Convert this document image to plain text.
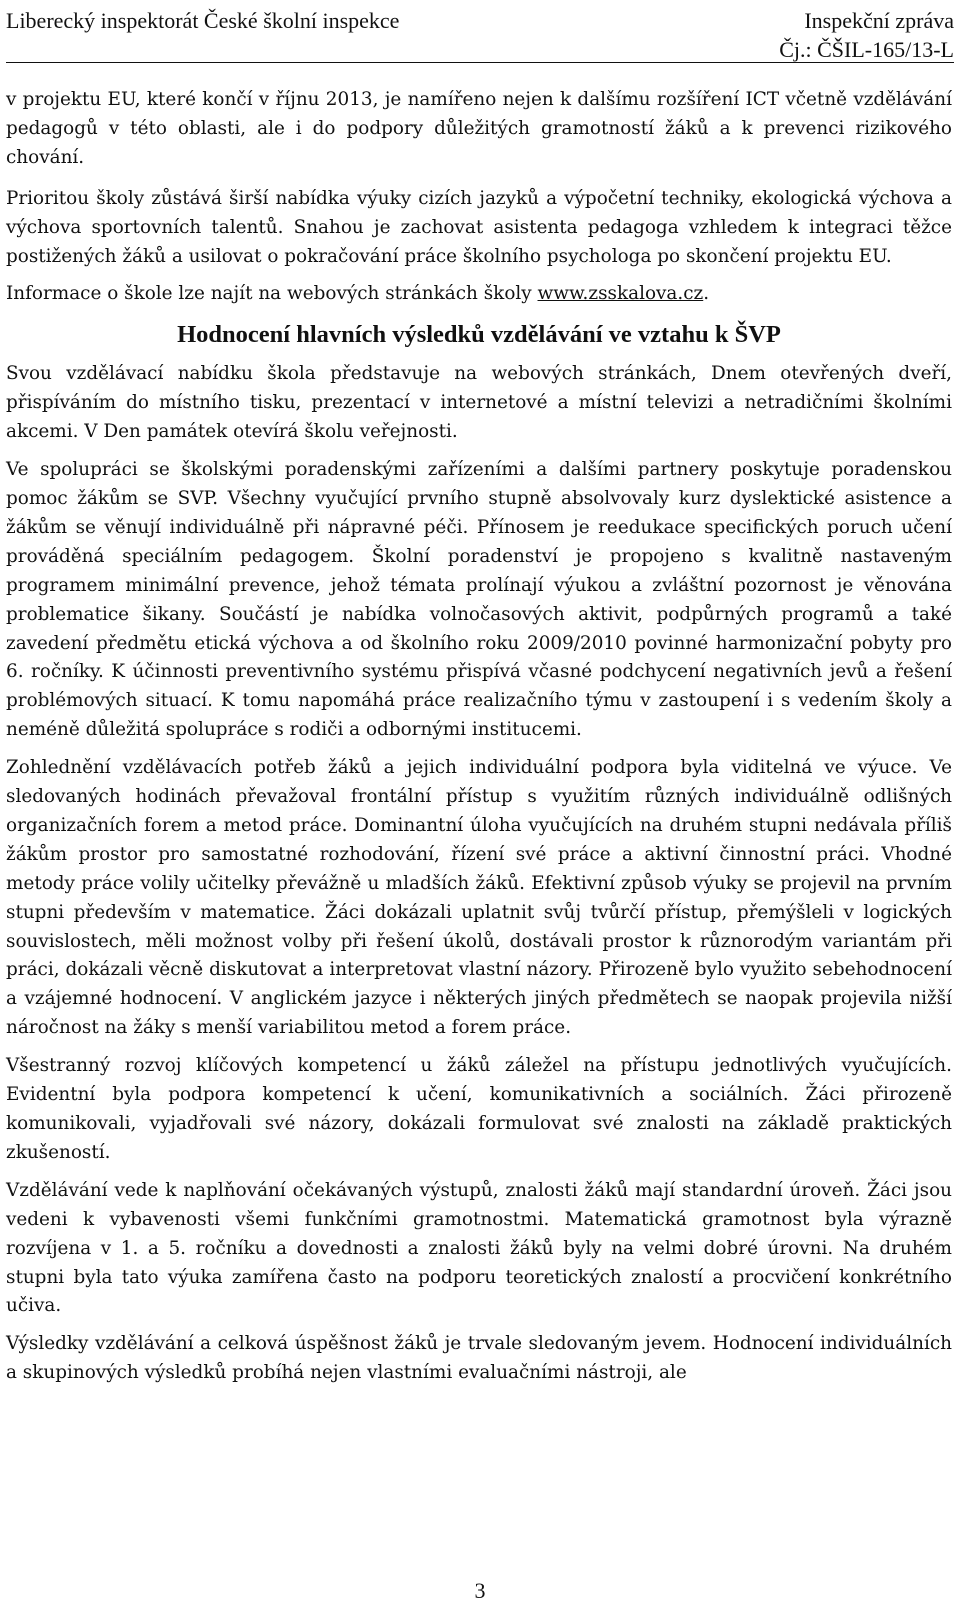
Liberecký inspektorát České školní inspekce	Inspekční zpráva
Čj.: ČŠIL-165/13-L

v projektu EU, které končí v říjnu 2013, je namířeno nejen k dalšímu rozšíření ICT včetně vzdělávání pedagogů v této oblasti, ale i do podpory důležitých gramotností žáků a k prevenci rizikového chování.

Prioritou školy zůstává širší nabídka výuky cizích jazyků a výpočetní techniky, ekologická výchova a výchova sportovních talentů. Snahou je zachovat asistenta pedagoga vzhledem k integraci těžce postižených žáků a usilovat o pokračování práce školního psychologa po skončení projektu EU.

Informace o škole lze najít na webových stránkách školy www.zsskalova.cz.

Hodnocení hlavních výsledků vzdělávání ve vztahu k ŠVP

Svou vzdělávací nabídku škola představuje na webových stránkách, Dnem otevřených dveří, přispíváním do místního tisku, prezentací v internetové a místní televizi a netradičními školními akcemi. V Den památek otevírá školu veřejnosti.

Ve spolupráci se školskými poradenskými zařízeními a dalšími partnery poskytuje poradenskou pomoc žákům se SVP. Všechny vyučující prvního stupně absolvovaly kurz dyslektické asistence a žákům se věnují individuálně při nápravné péči. Přínosem je reedukace specifických poruch učení prováděná speciálním pedagogem. Školní poradenství je propojeno s kvalitně nastaveným programem minimální prevence, jehož témata prolínají výukou a zvláštní pozornost je věnována problematice šikany. Součástí je nabídka volnočasových aktivit, podpůrných programů a také zavedení předmětu etická výchova a od školního roku 2009/2010 povinné harmonizační pobyty pro 6. ročníky. K účinnosti preventivního systému přispívá včasné podchycení negativních jevů a řešení problémových situací. K tomu napomáhá práce realizačního týmu v zastoupení i s vedením školy a neméně důležitá spolupráce s rodiči a odbornými institucemi.

Zohlednění vzdělávacích potřeb žáků a jejich individuální podpora byla viditelná ve výuce. Ve sledovaných hodinách převažoval frontální přístup s využitím různých individuálně odlišných organizačních forem a metod práce. Dominantní úloha vyučujících na druhém stupni nedávala příliš žákům prostor pro samostatné rozhodování, řízení své práce a aktivní činnostní práci. Vhodné metody práce volily učitelky převážně u mladších žáků. Efektivní způsob výuky se projevil na prvním stupni především v matematice. Žáci dokázali uplatnit svůj tvůrčí přístup, přemýšleli v logických souvislostech, měli možnost volby při řešení úkolů, dostávali prostor k různorodým variantám při práci, dokázali věcně diskutovat a interpretovat vlastní názory. Přirozeně bylo využito sebehodnocení a vzájemné hodnocení. V anglickém jazyce i některých jiných předmětech se naopak projevila nižší náročnost na žáky s menší variabilitou metod a forem práce.

Všestranný rozvoj klíčových kompetencí u žáků záležel na přístupu jednotlivých vyučujících. Evidentní byla podpora kompetencí k učení, komunikativních a sociálních. Žáci přirozeně komunikovali, vyjadřovali své názory, dokázali formulovat své znalosti na základě praktických zkušeností.

Vzdělávání vede k naplňování očekávaných výstupů, znalosti žáků mají standardní úroveň. Žáci jsou vedeni k vybavenosti všemi funkčními gramotnostmi. Matematická gramotnost byla výrazně rozvíjena v 1. a 5. ročníku a dovednosti a znalosti žáků byly na velmi dobré úrovni. Na druhém stupni byla tato výuka zamířena často na podporu teoretických znalostí a procvičení konkrétního učiva.

Výsledky vzdělávání a celková úspěšnost žáků je trvale sledovaným jevem. Hodnocení individuálních a skupinových výsledků probíhá nejen vlastními evaluačními nástroji, ale

3
